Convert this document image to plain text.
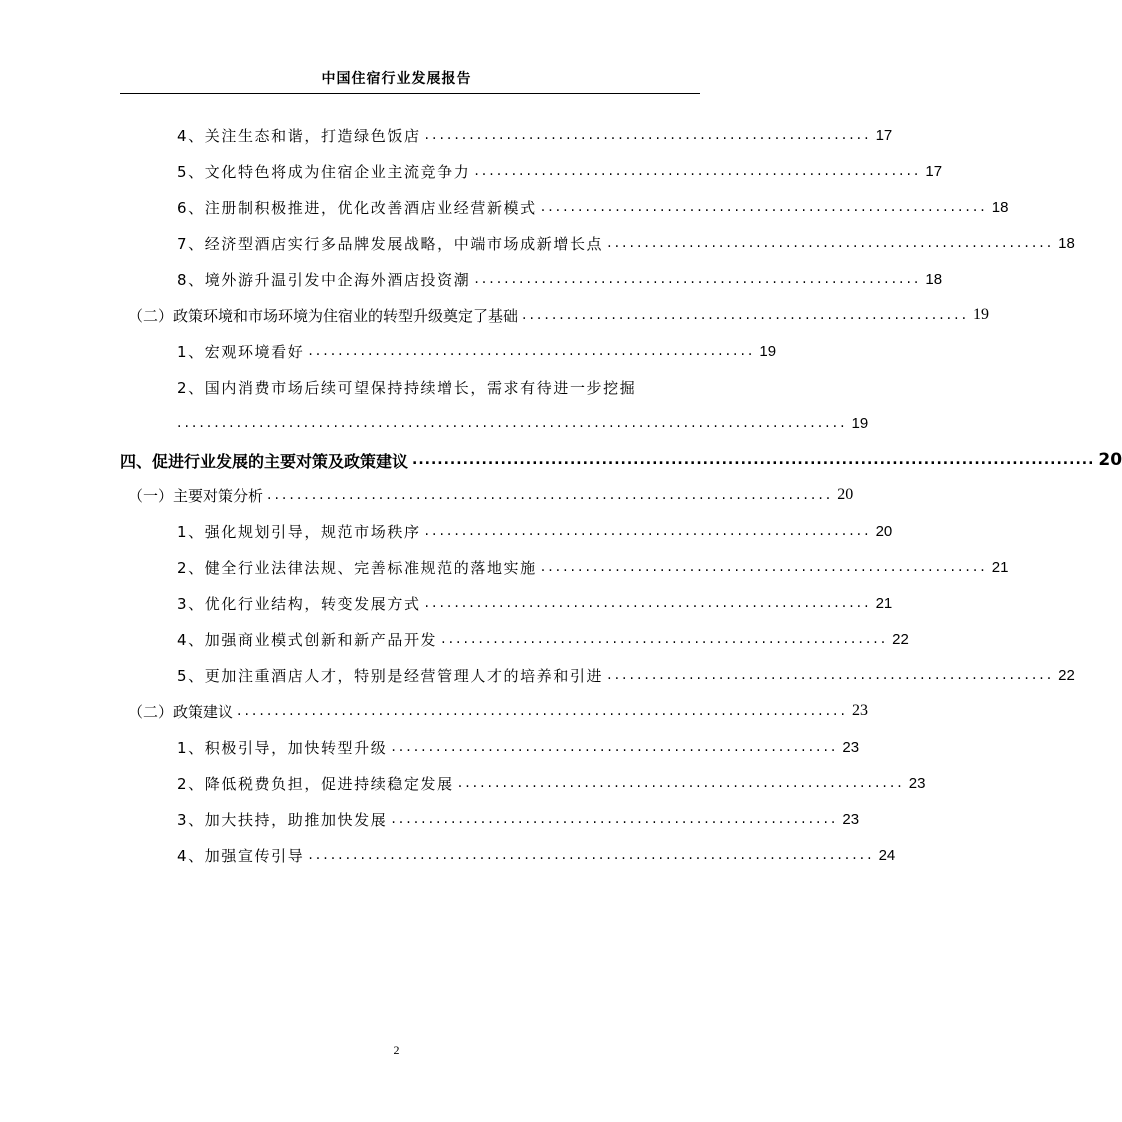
中国住宿行业发展报告
4、关注生态和谐，打造绿色饭店 ............................................................ 17
5、文化特色将成为住宿企业主流竞争力 ............................................................ 17
6、注册制积极推进，优化改善酒店业经营新模式 ............................................................ 18
7、经济型酒店实行多品牌发展战略，中端市场成新增长点 ............................................................ 18
8、境外游升温引发中企海外酒店投资潮 ............................................................ 18
（二）政策环境和市场环境为住宿业的转型升级奠定了基础 ............................................................ 19
1、宏观环境看好 ............................................................ 19
2、国内消费市场后续可望保持持续增长，需求有待进一步挖掘
.......................................................................................... 19
四、促进行业发展的主要对策及政策建议 ............................................................................................................ 20
（一）主要对策分析 ............................................................................ 20
1、强化规划引导，规范市场秩序 ............................................................ 20
2、健全行业法律法规、完善标准规范的落地实施 ............................................................ 21
3、优化行业结构，转变发展方式 ............................................................ 21
4、加强商业模式创新和新产品开发 ............................................................ 22
5、更加注重酒店人才，特别是经营管理人才的培养和引进 ............................................................ 22
（二）政策建议 .................................................................................. 23
1、积极引导，加快转型升级 ............................................................ 23
2、降低税费负担，促进持续稳定发展 ............................................................ 23
3、加大扶持，助推加快发展 ............................................................ 23
4、加强宣传引导 ............................................................................ 24
2
